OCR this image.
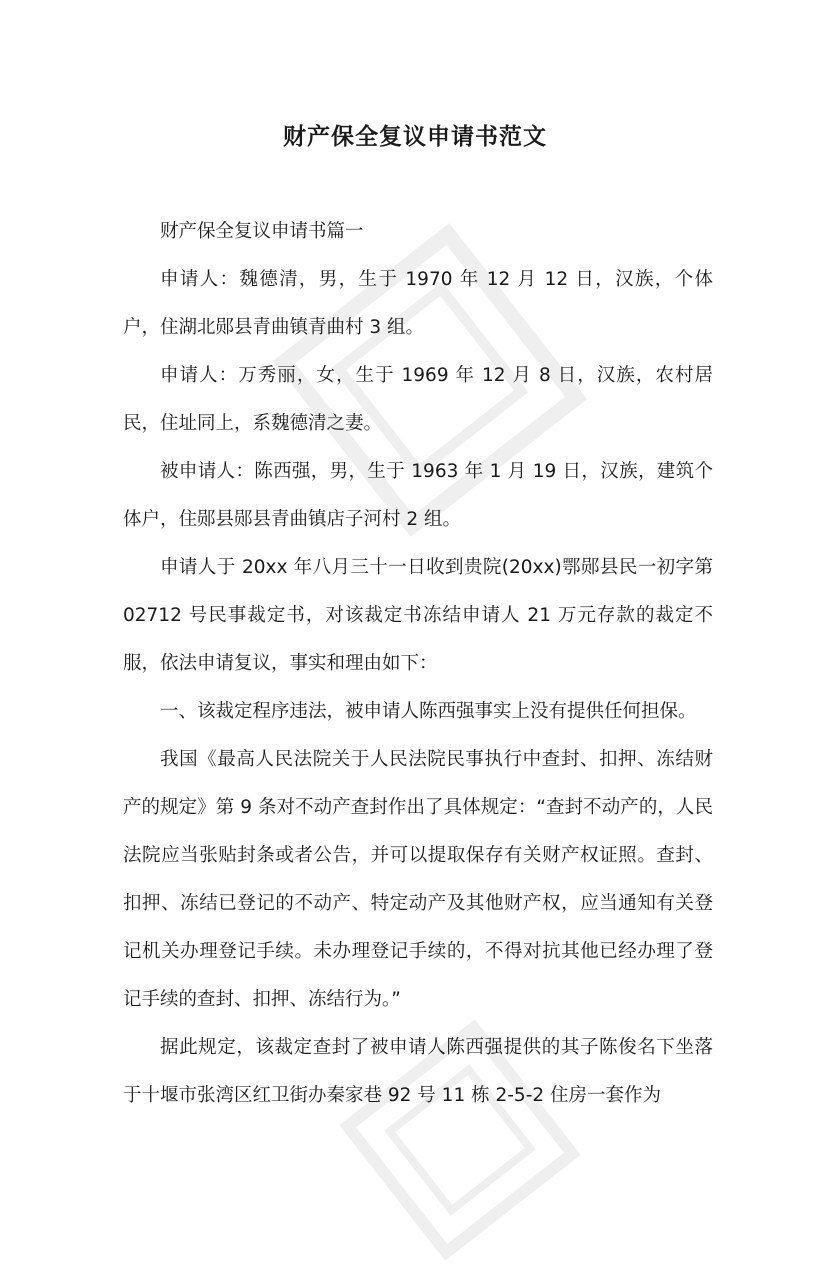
财产保全复议申请书范文

财产保全复议申请书篇一

申请人：魏德清，男，生于 1970 年 12 月 12 日，汉族，个体户，住湖北郧县青曲镇青曲村 3 组。

申请人：万秀丽，女，生于 1969 年 12 月 8 日，汉族，农村居民，住址同上，系魏德清之妻。

被申请人：陈西强，男，生于 1963 年 1 月 19 日，汉族，建筑个体户，住郧县郧县青曲镇店子河村 2 组。

申请人于 20xx 年八月三十一日收到贵院(20xx)鄂郧县民一初字第 02712 号民事裁定书，对该裁定书冻结申请人 21 万元存款的裁定不服，依法申请复议，事实和理由如下：

一、该裁定程序违法，被申请人陈西强事实上没有提供任何担保。

我国《最高人民法院关于人民法院民事执行中查封、扣押、冻结财产的规定》第 9 条对不动产查封作出了具体规定：“查封不动产的，人民法院应当张贴封条或者公告，并可以提取保存有关财产权证照。查封、扣押、冻结已登记的不动产、特定动产及其他财产权，应当通知有关登记机关办理登记手续。未办理登记手续的，不得对抗其他已经办理了登记手续的查封、扣押、冻结行为。”

据此规定，该裁定查封了被申请人陈西强提供的其子陈俊名下坐落于十堰市张湾区红卫街办秦家巷 92 号 11 栋 2-5-2 住房一套作为
